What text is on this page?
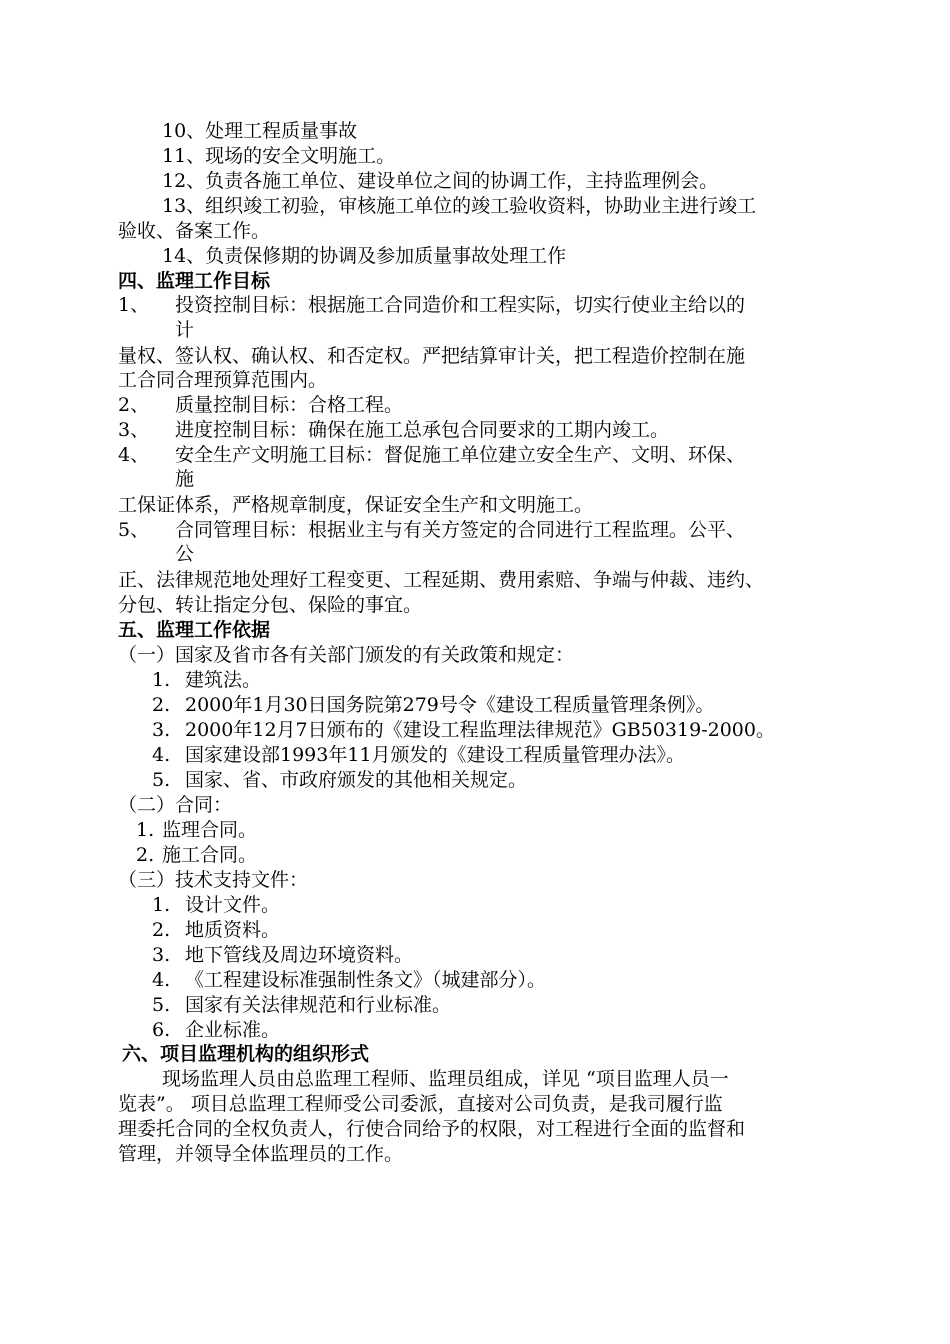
10、处理工程质量事故
11、现场的安全文明施工。
12、负责各施工单位、建设单位之间的协调工作，主持监理例会。
13、组织竣工初验，审核施工单位的竣工验收资料，协助业主进行竣工
验收、备案工作。
14、负责保修期的协调及参加质量事故处理工作
四、监理工作目标
1、 投资控制目标：根据施工合同造价和工程实际，切实行使业主给以的
计
量权、签认权、确认权、和否定权。严把结算审计关，把工程造价控制在施
工合同合理预算范围内。
2、 质量控制目标：合格工程。
3、 进度控制目标：确保在施工总承包合同要求的工期内竣工。
4、 安全生产文明施工目标：督促施工单位建立安全生产、文明、环保、
施
工保证体系，严格规章制度，保证安全生产和文明施工。
5、 合同管理目标：根据业主与有关方签定的合同进行工程监理。公平、
公
正、法律规范地处理好工程变更、工程延期、费用索赔、争端与仲裁、违约、
分包、转让指定分包、保险的事宜。
五、监理工作依据
（一）国家及省市各有关部门颁发的有关政策和规定：
1. 建筑法。
2. 2000年1月30日国务院第279号令《建设工程质量管理条例》。
3. 2000年12月7日颁布的《建设工程监理法律规范》GB50319-2000。
4. 国家建设部1993年11月颁发的《建设工程质量管理办法》。
5. 国家、省、市政府颁发的其他相关规定。
（二）合同：
1. 监理合同。
2. 施工合同。
（三）技术支持文件：
1. 设计文件。
2. 地质资料。
3. 地下管线及周边环境资料。
4. 《工程建设标准强制性条文》（城建部分）。
5. 国家有关法律规范和行业标准。
6. 企业标准。
六、项目监理机构的组织形式
现场监理人员由总监理工程师、监理员组成，详见 “项目监理人员一
览表”。 项目总监理工程师受公司委派，直接对公司负责，是我司履行监
理委托合同的全权负责人，行使合同给予的权限，对工程进行全面的监督和
管理，并领导全体监理员的工作。
